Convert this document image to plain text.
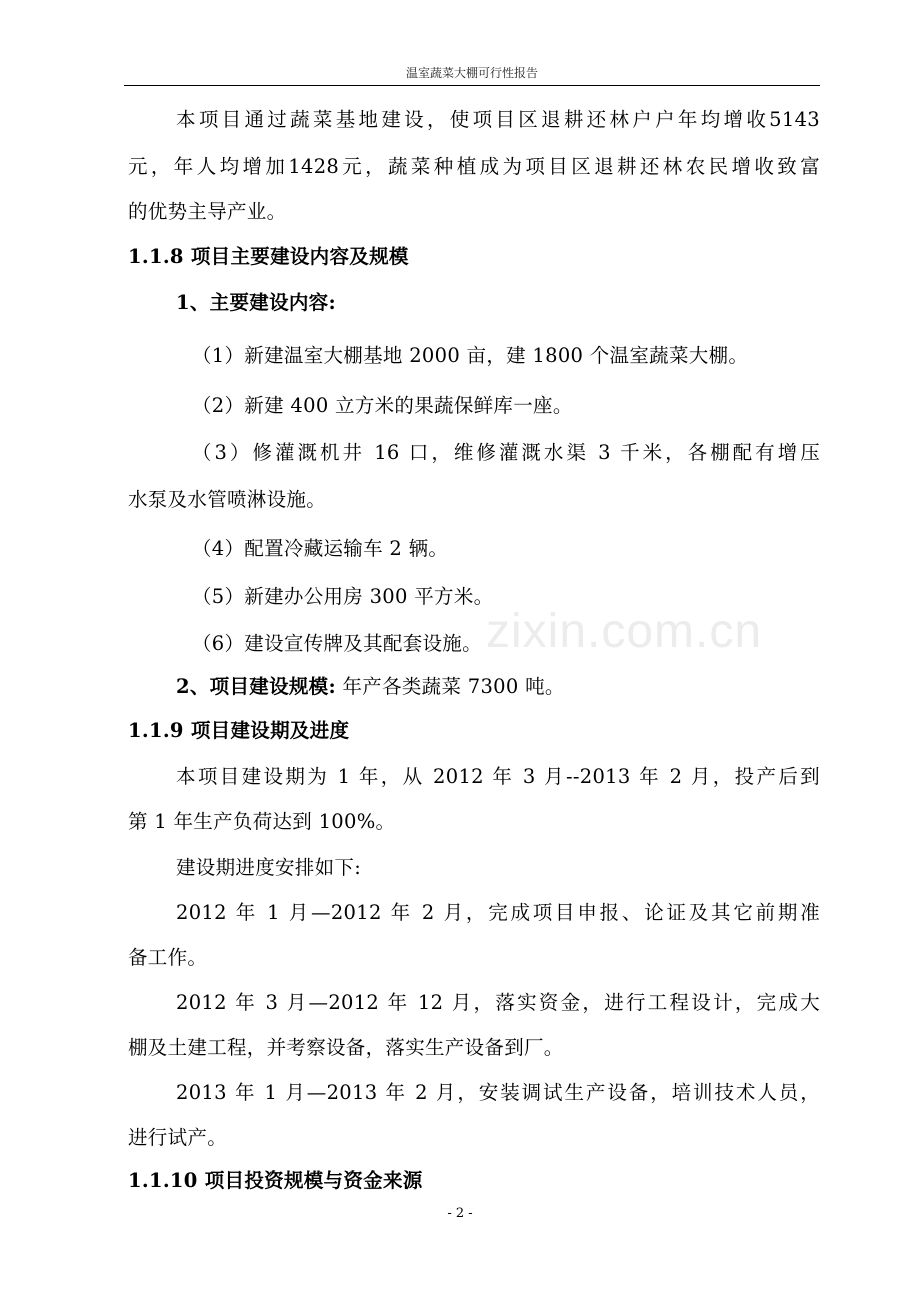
温室蔬菜大棚可行性报告
zixin.com.cn
本项目通过蔬菜基地建设，使项目区退耕还林户户年均增收5143
元，年人均增加1428元，蔬菜种植成为项目区退耕还林农民增收致富
的优势主导产业。
1.1.8 项目主要建设内容及规模
1、主要建设内容:
（1）新建温室大棚基地 2000 亩，建 1800 个温室蔬菜大棚。
（2）新建 400 立方米的果蔬保鲜库一座。
（3）修灌溉机井 16 口，维修灌溉水渠 3 千米，各棚配有增压
水泵及水管喷淋设施。
（4）配置冷藏运输车 2 辆。
（5）新建办公用房 300 平方米。
（6）建设宣传牌及其配套设施。
2、项目建设规模: 年产各类蔬菜 7300 吨。
1.1.9 项目建设期及进度
本项目建设期为 1 年，从 2012 年 3 月--2013 年 2 月，投产后到
第 1 年生产负荷达到 100%。
建设期进度安排如下:
2012 年 1 月—2012 年 2 月，完成项目申报、论证及其它前期准
备工作。
2012 年 3 月—2012 年 12 月，落实资金，进行工程设计，完成大
棚及土建工程，并考察设备，落实生产设备到厂。
2013 年 1 月—2013 年 2 月，安装调试生产设备，培训技术人员，
进行试产。
1.1.10 项目投资规模与资金来源
- 2 -
